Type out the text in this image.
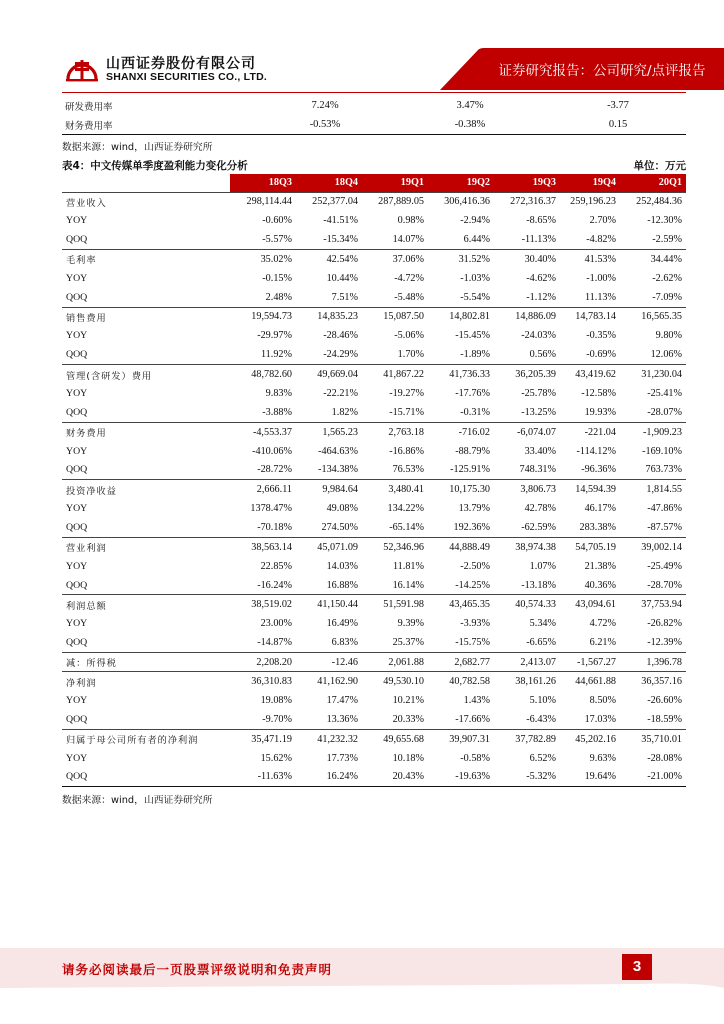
山西证券股份有限公司
SHANXI SECURITIES CO., LTD.	证券研究报告：公司研究/点评报告
研发费用率	7.24%	3.47%	-3.77
财务费用率	-0.53%	-0.38%	0.15
数据来源：wind，山西证券研究所
表4：中文传媒单季度盈利能力变化分析	单位：万元
	18Q3	18Q4	19Q1	19Q2	19Q3	19Q4	20Q1
营业收入	298,114.44	252,377.04	287,889.05	306,416.36	272,316.37	259,196.23	252,484.36
YOY	-0.60%	-41.51%	0.98%	-2.94%	-8.65%	2.70%	-12.30%
QOQ	-5.57%	-15.34%	14.07%	6.44%	-11.13%	-4.82%	-2.59%
毛利率	35.02%	42.54%	37.06%	31.52%	30.40%	41.53%	34.44%
YOY	-0.15%	10.44%	-4.72%	-1.03%	-4.62%	-1.00%	-2.62%
QOQ	2.48%	7.51%	-5.48%	-5.54%	-1.12%	11.13%	-7.09%
销售费用	19,594.73	14,835.23	15,087.50	14,802.81	14,886.09	14,783.14	16,565.35
YOY	-29.97%	-28.46%	-5.06%	-15.45%	-24.03%	-0.35%	9.80%
QOQ	11.92%	-24.29%	1.70%	-1.89%	0.56%	-0.69%	12.06%
管理(含研发）费用	48,782.60	49,669.04	41,867.22	41,736.33	36,205.39	43,419.62	31,230.04
YOY	9.83%	-22.21%	-19.27%	-17.76%	-25.78%	-12.58%	-25.41%
QOQ	-3.88%	1.82%	-15.71%	-0.31%	-13.25%	19.93%	-28.07%
财务费用	-4,553.37	1,565.23	2,763.18	-716.02	-6,074.07	-221.04	-1,909.23
YOY	-410.06%	-464.63%	-16.86%	-88.79%	33.40%	-114.12%	-169.10%
QOQ	-28.72%	-134.38%	76.53%	-125.91%	748.31%	-96.36%	763.73%
投资净收益	2,666.11	9,984.64	3,480.41	10,175.30	3,806.73	14,594.39	1,814.55
YOY	1378.47%	49.08%	134.22%	13.79%	42.78%	46.17%	-47.86%
QOQ	-70.18%	274.50%	-65.14%	192.36%	-62.59%	283.38%	-87.57%
营业利润	38,563.14	45,071.09	52,346.96	44,888.49	38,974.38	54,705.19	39,002.14
YOY	22.85%	14.03%	11.81%	-2.50%	1.07%	21.38%	-25.49%
QOQ	-16.24%	16.88%	16.14%	-14.25%	-13.18%	40.36%	-28.70%
利润总额	38,519.02	41,150.44	51,591.98	43,465.35	40,574.33	43,094.61	37,753.94
YOY	23.00%	16.49%	9.39%	-3.93%	5.34%	4.72%	-26.82%
QOQ	-14.87%	6.83%	25.37%	-15.75%	-6.65%	6.21%	-12.39%
减：所得税	2,208.20	-12.46	2,061.88	2,682.77	2,413.07	-1,567.27	1,396.78
净利润	36,310.83	41,162.90	49,530.10	40,782.58	38,161.26	44,661.88	36,357.16
YOY	19.08%	17.47%	10.21%	1.43%	5.10%	8.50%	-26.60%
QOQ	-9.70%	13.36%	20.33%	-17.66%	-6.43%	17.03%	-18.59%
归属于母公司所有者的净利润	35,471.19	41,232.32	49,655.68	39,907.31	37,782.89	45,202.16	35,710.01
YOY	15.62%	17.73%	10.18%	-0.58%	6.52%	9.63%	-28.08%
QOQ	-11.63%	16.24%	20.43%	-19.63%	-5.32%	19.64%	-21.00%
数据来源：wind，山西证券研究所
请务必阅读最后一页股票评级说明和免责声明	3
